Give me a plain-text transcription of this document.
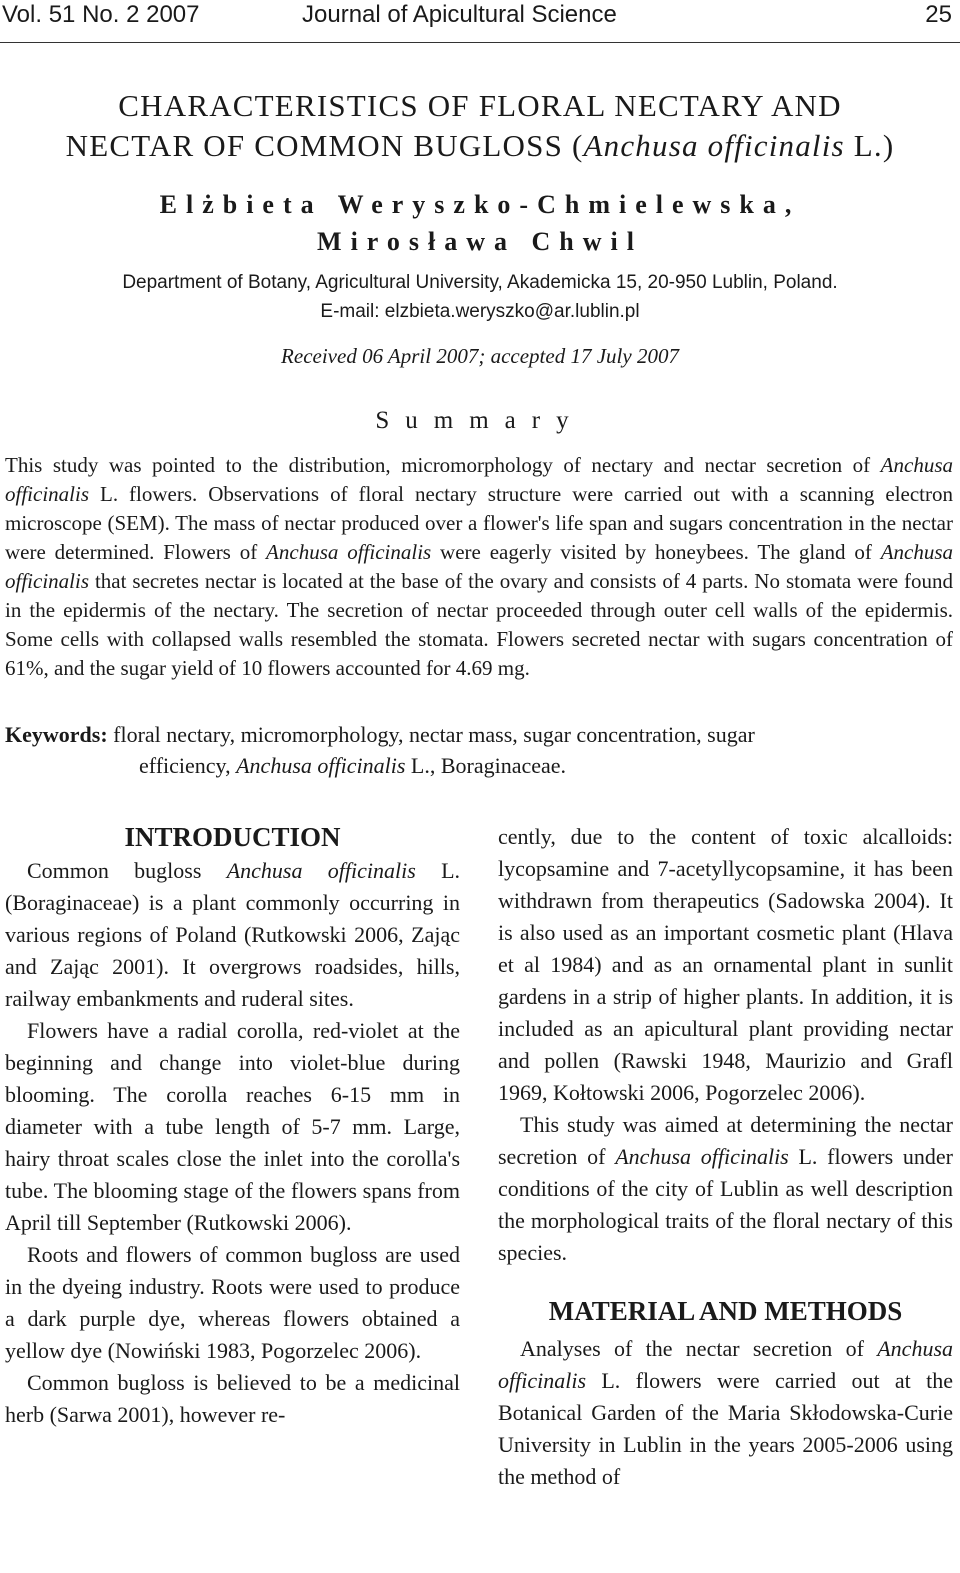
Vol. 51 No. 2 2007	Journal of Apicultural Science	25
CHARACTERISTICS OF FLORAL NECTARY AND
NECTAR OF COMMON BUGLOSS (Anchusa officinalis L.)
Elżbieta Weryszko-Chmielewska,
Mirosława Chwil
Department of Botany, Agricultural University, Akademicka 15, 20-950 Lublin, Poland.
E-mail: elzbieta.weryszko@ar.lublin.pl
Received 06 April 2007; accepted 17 July 2007
Summary
This study was pointed to the distribution, micromorphology of nectary and nectar secretion of Anchusa officinalis L. flowers. Observations of floral nectary structure were carried out with a scanning electron microscope (SEM). The mass of nectar produced over a flower's life span and sugars concentration in the nectar were determined. Flowers of Anchusa officinalis were eagerly visited by honeybees. The gland of Anchusa officinalis that secretes nectar is located at the base of the ovary and consists of 4 parts. No stomata were found in the epidermis of the nectary. The secretion of nectar proceeded through outer cell walls of the epidermis. Some cells with collapsed walls resembled the stomata. Flowers secreted nectar with sugars concentration of 61%, and the sugar yield of 10 flowers accounted for 4.69 mg.
Keywords: floral nectary, micromorphology, nectar mass, sugar concentration, sugar
efficiency, Anchusa officinalis L., Boraginaceae.
INTRODUCTION

Common bugloss Anchusa officinalis L. (Boraginaceae) is a plant commonly occurring in various regions of Poland (Rutkowski 2006, Zając and Zając 2001). It overgrows roadsides, hills, railway embankments and ruderal sites.

Flowers have a radial corolla, red-violet at the beginning and change into violet-blue during blooming. The corolla reaches 6-15 mm in diameter with a tube length of 5-7 mm. Large, hairy throat scales close the inlet into the corolla's tube. The blooming stage of the flowers spans from April till September (Rutkowski 2006).

Roots and flowers of common bugloss are used in the dyeing industry. Roots were used to produce a dark purple dye, whereas flowers obtained a yellow dye (Nowiński 1983, Pogorzelec 2006).

Common bugloss is believed to be a medicinal herb (Sarwa 2001), however re-

cently, due to the content of toxic alcalloids: lycopsamine and 7-acetyllycopsamine, it has been withdrawn from therapeutics (Sadowska 2004). It is also used as an important cosmetic plant (Hlava et al 1984) and as an ornamental plant in sunlit gardens in a strip of higher plants. In addition, it is included as an apicultural plant providing nectar and pollen (Rawski 1948, Maurizio and Grafl 1969, Kołtowski 2006, Pogorzelec 2006).

This study was aimed at determining the nectar secretion of Anchusa officinalis L. flowers under conditions of the city of Lublin as well description the morphological traits of the floral nectary of this species.

MATERIAL AND METHODS

Analyses of the nectar secretion of Anchusa officinalis L. flowers were carried out at the Botanical Garden of the Maria Skłodowska-Curie University in Lublin in the years 2005-2006 using the method of
